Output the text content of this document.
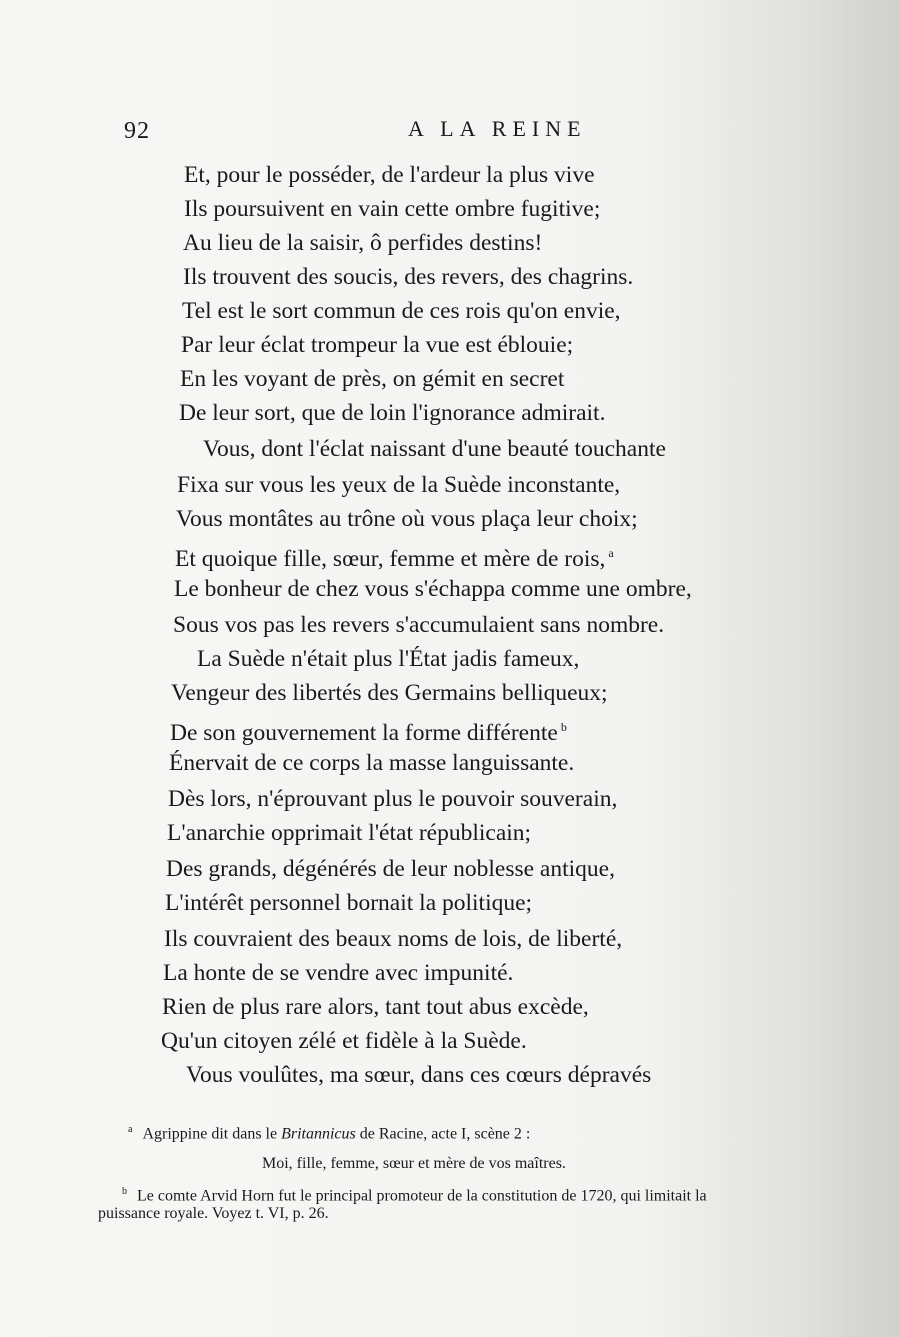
92	A LA REINE
Et, pour le posséder, de l'ardeur la plus vive
Ils poursuivent en vain cette ombre fugitive;
Au lieu de la saisir, ô perfides destins!
Ils trouvent des soucis, des revers, des chagrins.
Tel est le sort commun de ces rois qu'on envie,
Par leur éclat trompeur la vue est éblouie;
En les voyant de près, on gémit en secret
De leur sort, que de loin l'ignorance admirait.
Vous, dont l'éclat naissant d'une beauté touchante
Fixa sur vous les yeux de la Suède inconstante,
Vous montâtes au trône où vous plaça leur choix;
Et quoique fille, sœur, femme et mère de rois, $^a$
Le bonheur de chez vous s'échappa comme une ombre,
Sous vos pas les revers s'accumulaient sans nombre.
La Suède n'était plus l'État jadis fameux,
Vengeur des libertés des Germains belliqueux;
De son gouvernement la forme différente $^b$
Énervait de ce corps la masse languissante.
Dès lors, n'éprouvant plus le pouvoir souverain,
L'anarchie opprimait l'état républicain;
Des grands, dégénérés de leur noblesse antique,
L'intérêt personnel bornait la politique;
Ils couvraient des beaux noms de lois, de liberté,
La honte de se vendre avec impunité.
Rien de plus rare alors, tant tout abus excède,
Qu'un citoyen zélé et fidèle à la Suède.
Vous voulûtes, ma sœur, dans ces cœurs dépravés
$^a$ Agrippine dit dans le Britannicus de Racine, acte I, scène 2 :
Moi, fille, femme, sœur et mère de vos maîtres.
$^b$ Le comte Arvid Horn fut le principal promoteur de la constitution de 1720, qui limitait la
puissance royale. Voyez t. VI, p. 26.
